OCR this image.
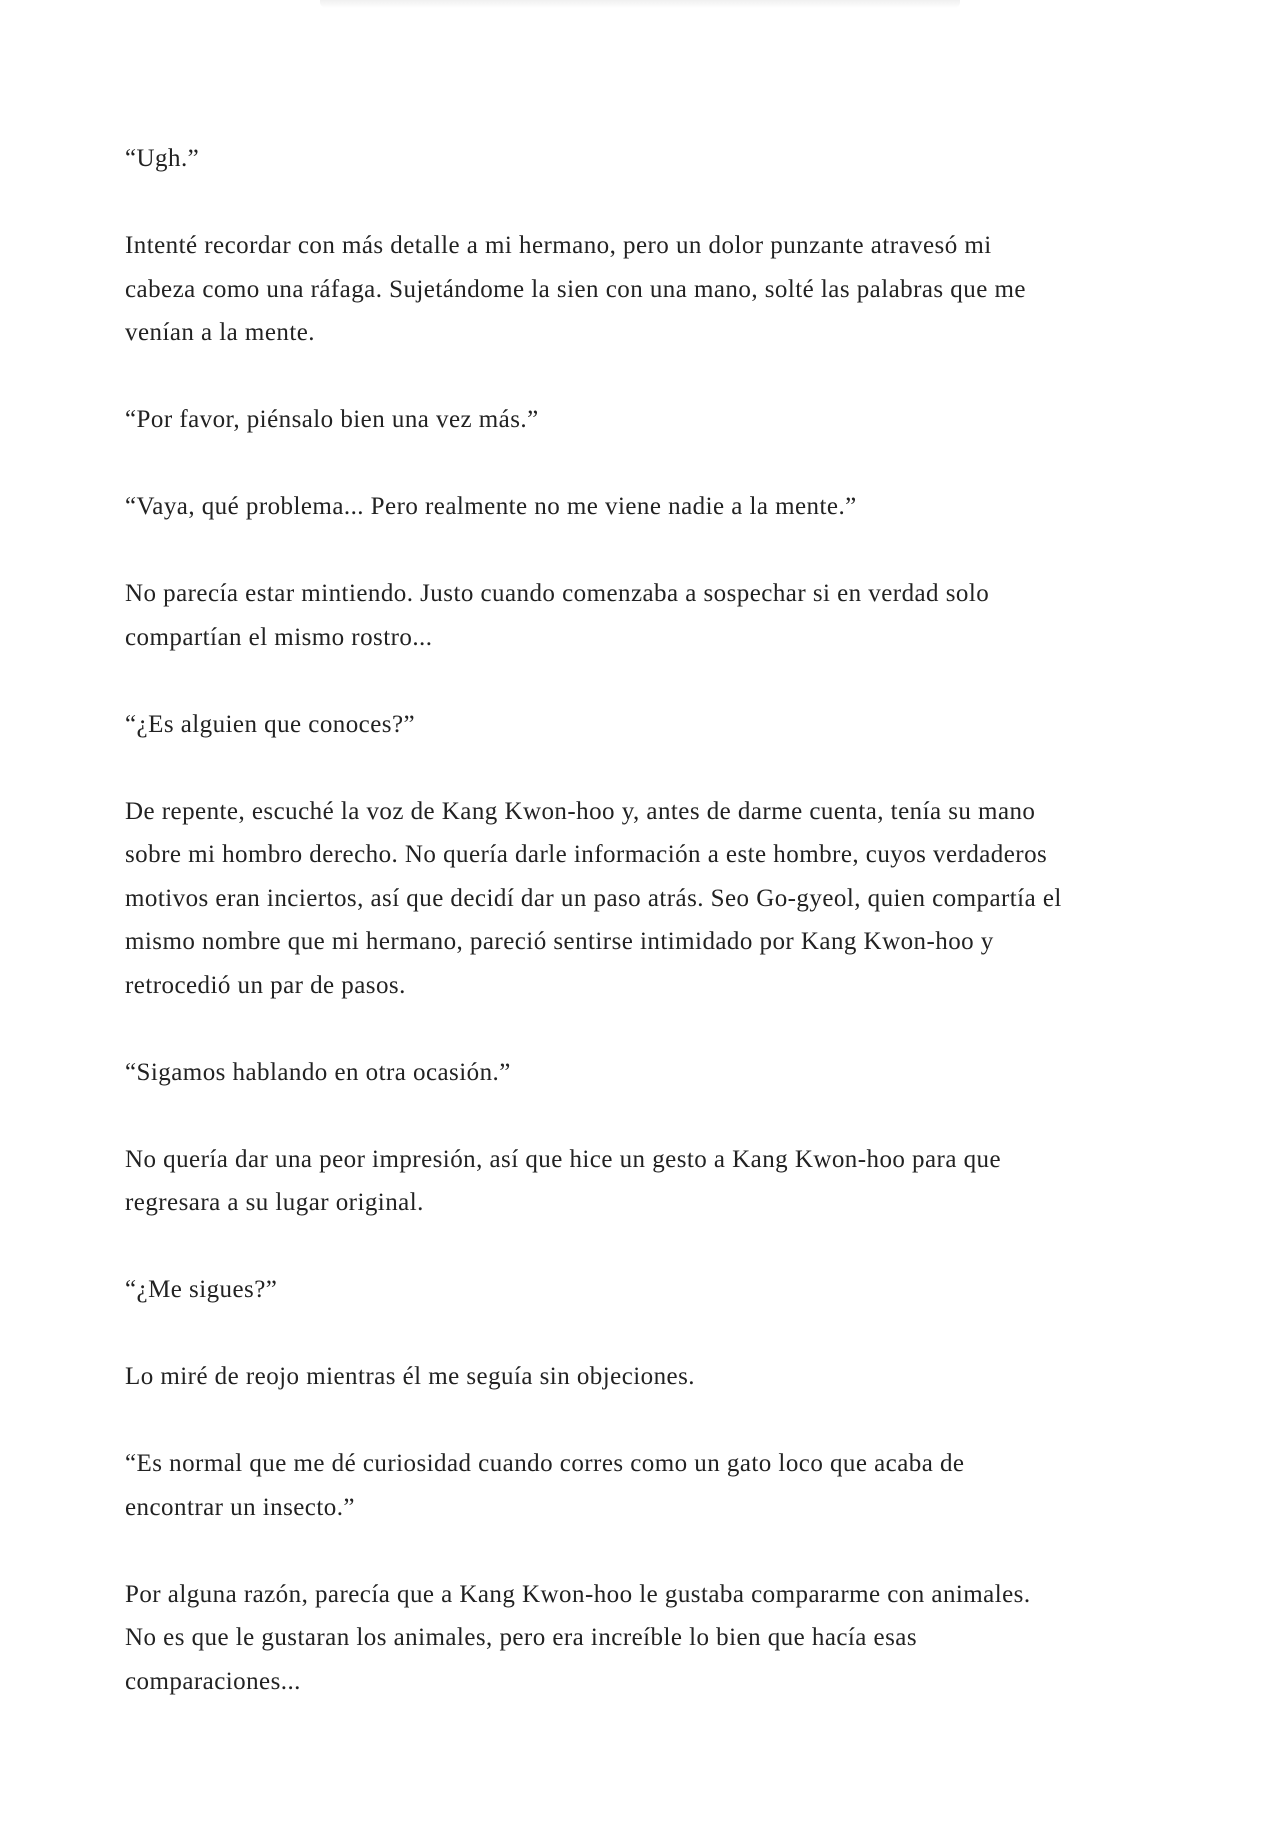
“Ugh.”

Intenté recordar con más detalle a mi hermano, pero un dolor punzante atravesó mi
cabeza como una ráfaga. Sujetándome la sien con una mano, solté las palabras que me
venían a la mente.

“Por favor, piénsalo bien una vez más.”

“Vaya, qué problema... Pero realmente no me viene nadie a la mente.”

No parecía estar mintiendo. Justo cuando comenzaba a sospechar si en verdad solo
compartían el mismo rostro...

“¿Es alguien que conoces?”

De repente, escuché la voz de Kang Kwon-hoo y, antes de darme cuenta, tenía su mano
sobre mi hombro derecho. No quería darle información a este hombre, cuyos verdaderos
motivos eran inciertos, así que decidí dar un paso atrás. Seo Go-gyeol, quien compartía el
mismo nombre que mi hermano, pareció sentirse intimidado por Kang Kwon-hoo y
retrocedió un par de pasos.

“Sigamos hablando en otra ocasión.”

No quería dar una peor impresión, así que hice un gesto a Kang Kwon-hoo para que
regresara a su lugar original.

“¿Me sigues?”

Lo miré de reojo mientras él me seguía sin objeciones.

“Es normal que me dé curiosidad cuando corres como un gato loco que acaba de
encontrar un insecto.”

Por alguna razón, parecía que a Kang Kwon-hoo le gustaba compararme con animales.
No es que le gustaran los animales, pero era increíble lo bien que hacía esas
comparaciones...
